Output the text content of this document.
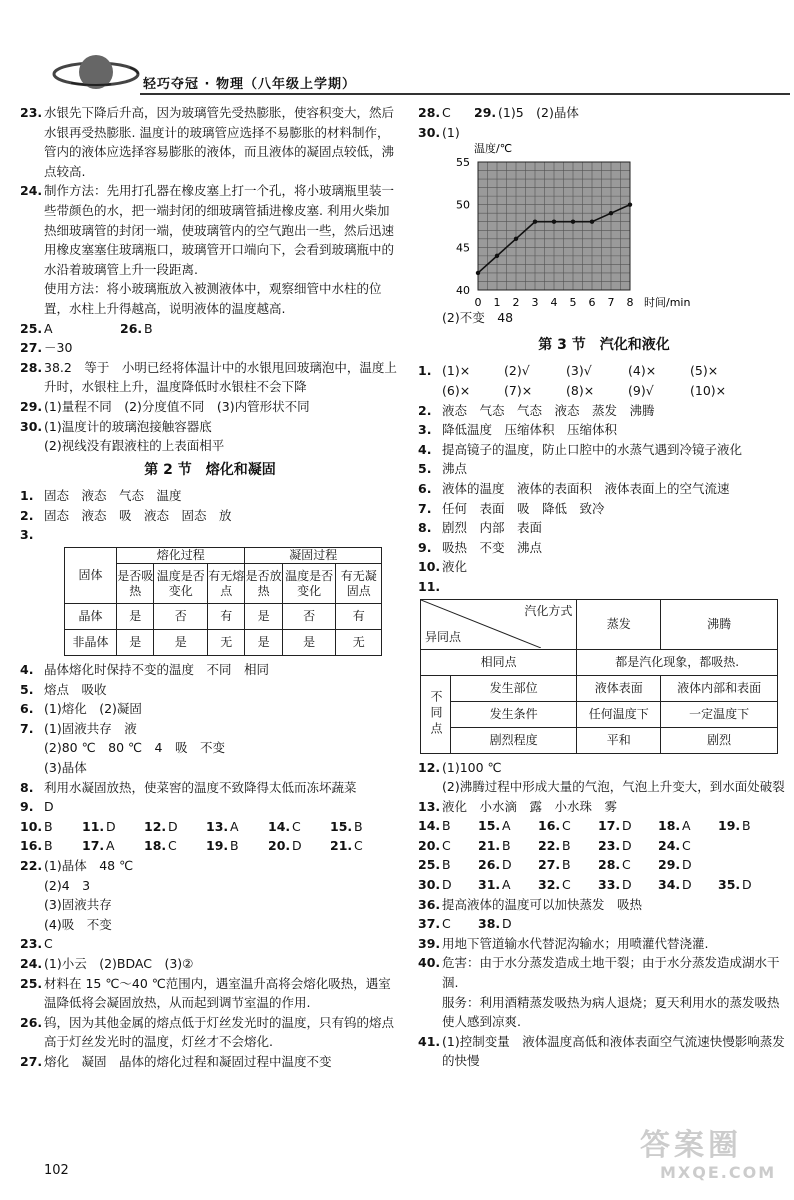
轻巧夺冠 · 物理（八年级上学期）
23. 水银先下降后升高，因为玻璃管先受热膨胀，使容积变大，然后水银再受热膨胀. 温度计的玻璃管应选择不易膨胀的材料制作，管内的液体应选择容易膨胀的液体，而且液体的凝固点较低，沸点较高.
24. 制作方法：先用打孔器在橡皮塞上打一个孔，将小玻璃瓶里装一些带颜色的水，把一端封闭的细玻璃管插进橡皮塞. 利用火柴加热细玻璃管的封闭一端，使玻璃管内的空气跑出一些，然后迅速用橡皮塞塞住玻璃瓶口，玻璃管开口端向下，会看到玻璃瓶中的水沿着玻璃管上升一段距离.
使用方法：将小玻璃瓶放入被测液体中，观察细管中水柱的位置，水柱上升得越高，说明液体的温度越高.
25. A	26. B
27. －30
28. 38.2　等于　小明已经将体温计中的水银甩回玻璃泡中，温度上升时，水银柱上升，温度降低时水银柱不会下降
29. (1)量程不同　(2)分度值不同　(3)内管形状不同
30. (1)温度计的玻璃泡接触容器底
(2)视线没有跟液柱的上表面相平
第 2 节　熔化和凝固
1. 固态　液态　气态　温度
2. 固态　液态　吸　液态　固态　放
3.
固体	熔化过程			凝固过程		
	是否吸热	温度是否变化	有无熔点	是否放热	温度是否变化	有无凝固点
晶体	是	否	有	是	否	有
非晶体	是	是	无	是	是	无
4. 晶体熔化时保持不变的温度　不同　相同
5. 熔点　吸收
6. (1)熔化　(2)凝固
7. (1)固液共存　液
(2)80 ℃　80 ℃　4　吸　不变
(3)晶体
8. 利用水凝固放热，使菜窖的温度不致降得太低而冻坏蔬菜
9. D
10. B 11. D 12. D 13. A 14. C 15. B
16. B 17. A 18. C 19. B 20. D 21. C
22. (1)晶体　48 ℃
(2)4　3
(3)固液共存
(4)吸　不变
23. C
24. (1)小云　(2)BDAC　(3)②
25. 材料在 15 ℃～40 ℃范围内，遇室温升高将会熔化吸热，遇室温降低将会凝固放热，从而起到调节室温的作用.
26. 钨，因为其他金属的熔点低于灯丝发光时的温度，只有钨的熔点高于灯丝发光时的温度，灯丝才不会熔化.
27. 熔化　凝固　晶体的熔化过程和凝固过程中温度不变
28. C 29. (1)5　(2)晶体
30. (1)
40
45
50
55
0 1 2 3 4 5 6 7 8
温度/℃
时间/min
(2)不变　48
第 3 节　汽化和液化
1. (1)×	(2)√	(3)√	(4)×	(5)×
(6)×	(7)×	(8)×	(9)√	(10)×
2. 液态　气态　气态　液态　蒸发　沸腾
3. 降低温度　压缩体积　压缩体积
4. 提高镜子的温度，防止口腔中的水蒸气遇到冷镜子液化
5. 沸点
6. 液体的温度　液体的表面积　液体表面上的空气流速
7. 任何　表面　吸　降低　致冷
8. 剧烈　内部　表面
9. 吸热　不变　沸点
10. 液化
11.
汽化方式
异同点		蒸发	沸腾
相同点		都是汽化现象，都吸热.	
不同点	发生部位	液体表面	液体内部和表面
	发生条件	任何温度下	一定温度下
	剧烈程度	平和	剧烈
12. (1)100 ℃
(2)沸腾过程中形成大量的气泡，气泡上升变大，到水面处破裂
13. 液化　小水滴　露　小水珠　雾
14. B 15. A 16. C 17. D 18. A 19. B
20. C 21. B 22. B 23. D 24. C
25. B 26. D 27. B 28. C 29. D
30. D 31. A 32. C 33. D 34. D 35. D
36. 提高液体的温度可以加快蒸发　吸热
37. C 38. D
39. 用地下管道输水代替泥沟输水；用喷灌代替浇灌.
40. 危害：由于水分蒸发造成土地干裂；由于水分蒸发造成湖水干涸.
服务：利用酒精蒸发吸热为病人退烧；夏天利用水的蒸发吸热使人感到凉爽.
41. (1)控制变量　液体温度高低和液体表面空气流速快慢影响蒸发的快慢
102
答案圈
MXQE.COM
